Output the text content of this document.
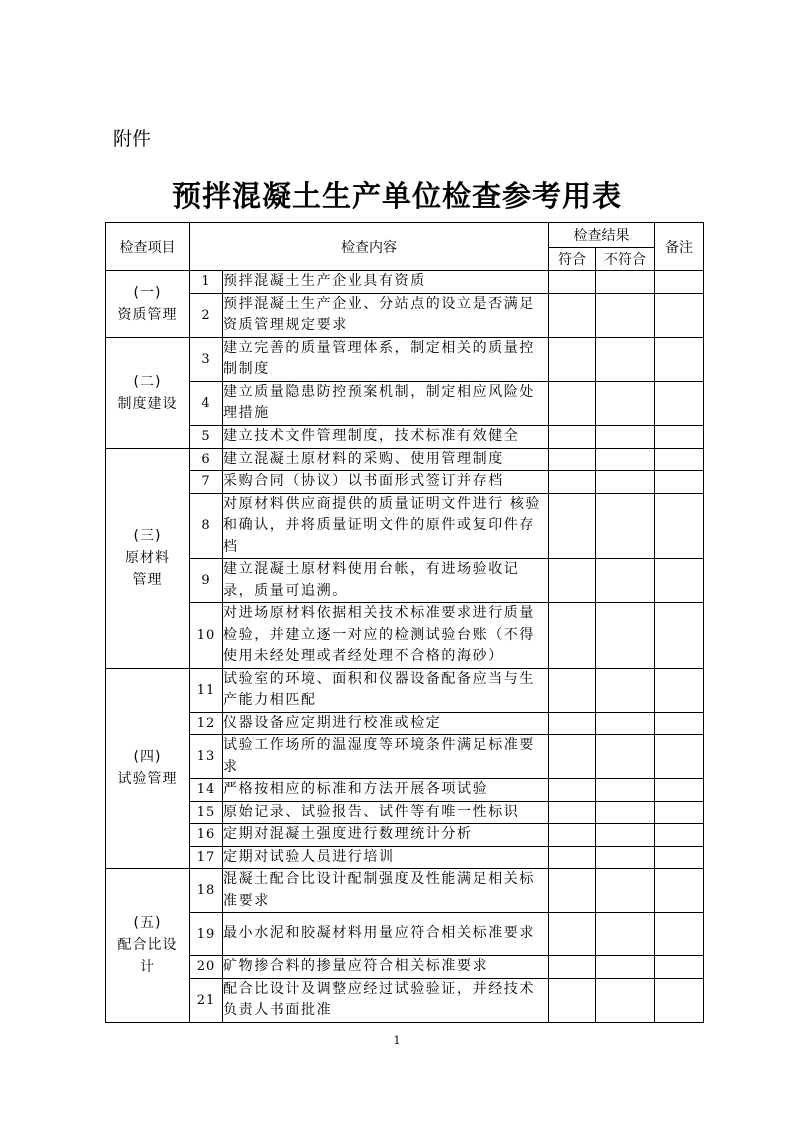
附件
预拌混凝土生产单位检查参考用表
检查项目	检查内容		检查结果		备注
			符合	不符合	
(一)
资质管理	1	预拌混凝土生产企业具有资质			
	2	预拌混凝土生产企业、分站点的设立是否满足资质管理规定要求			
(二)
制度建设	3	建立完善的质量管理体系，制定相关的质量控制制度			
	4	建立质量隐患防控预案机制，制定相应风险处理措施			
	5	建立技术文件管理制度，技术标准有效健全			
(三)
原材料
管理	6	建立混凝土原材料的采购、使用管理制度			
	7	采购合同（协议）以书面形式签订并存档			
	8	对原材料供应商提供的质量证明文件进行 核验和确认，并将质量证明文件的原件或复印件存档			
	9	建立混凝土原材料使用台帐，有进场验收记录，质量可追溯。			
	10	对进场原材料依据相关技术标准要求进行质量检验，并建立逐一对应的检测试验台账（不得使用未经处理或者经处理不合格的海砂）			
(四)
试验管理	11	试验室的环境、面积和仪器设备配备应当与生产能力相匹配			
	12	仪器设备应定期进行校准或检定			
	13	试验工作场所的温湿度等环境条件满足标准要求			
	14	严格按相应的标准和方法开展各项试验			
	15	原始记录、试验报告、试件等有唯一性标识			
	16	定期对混凝土强度进行数理统计分析			
	17	定期对试验人员进行培训			
(五)
配合比设
计	18	混凝土配合比设计配制强度及性能满足相关标准要求			
	19	最小水泥和胶凝材料用量应符合相关标准要求			
	20	矿物掺合料的掺量应符合相关标准要求			
	21	配合比设计及调整应经过试验验证，并经技术负责人书面批准			
1
